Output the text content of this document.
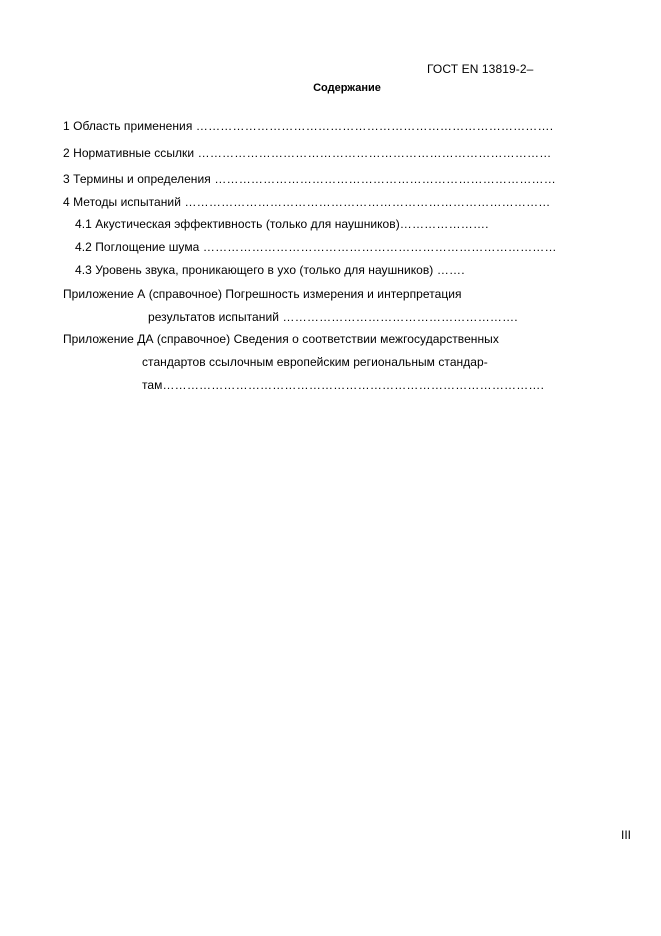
ГОСТ EN 13819-2–
Содержание
1 Область применения …………………………………………………………………………….
2 Нормативные ссылки ……………………………………………………………………………
3 Термины и определения …………………………………………………………………………
4 Методы испытаний ………………………………………………………………………………
4.1 Акустическая эффективность (только для наушников)………………….
4.2 Поглощение шума ……………………………………………………………………………
4.3 Уровень звука, проникающего в ухо (только для наушников) …….
Приложение А (справочное) Погрешность измерения и интерпретация
результатов испытаний ………………………………………………….
Приложение ДА (справочное) Сведения о соответствии межгосударственных
стандартов ссылочным европейским региональным стандар-
там………………………………………………………………………………….
III
